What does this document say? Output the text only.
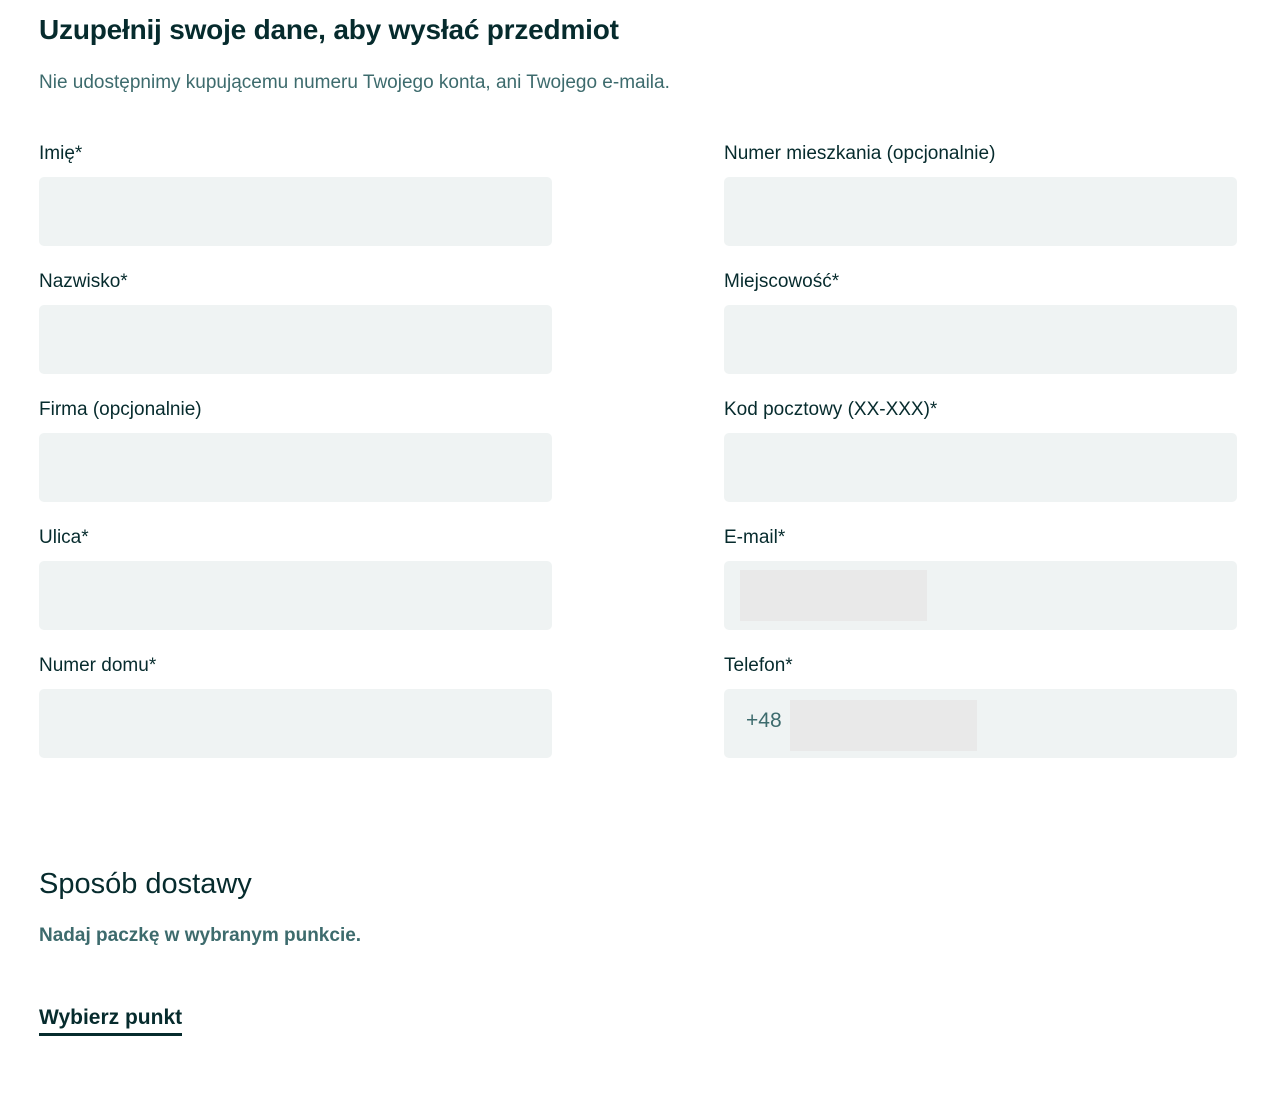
Uzupełnij swoje dane, aby wysłać przedmiot

Nie udostępnimy kupującemu numeru Twojego konta, ani Twojego e-maila.

Imię*
Nazwisko*
Firma (opcjonalnie)
Ulica*
Numer domu*
Numer mieszkania (opcjonalnie)
Miejscowość*
Kod pocztowy (XX-XXX)*
E-mail*
Telefon*
+48
Sposób dostawy

Nadaj paczkę w wybranym punkcie.

Wybierz punkt
